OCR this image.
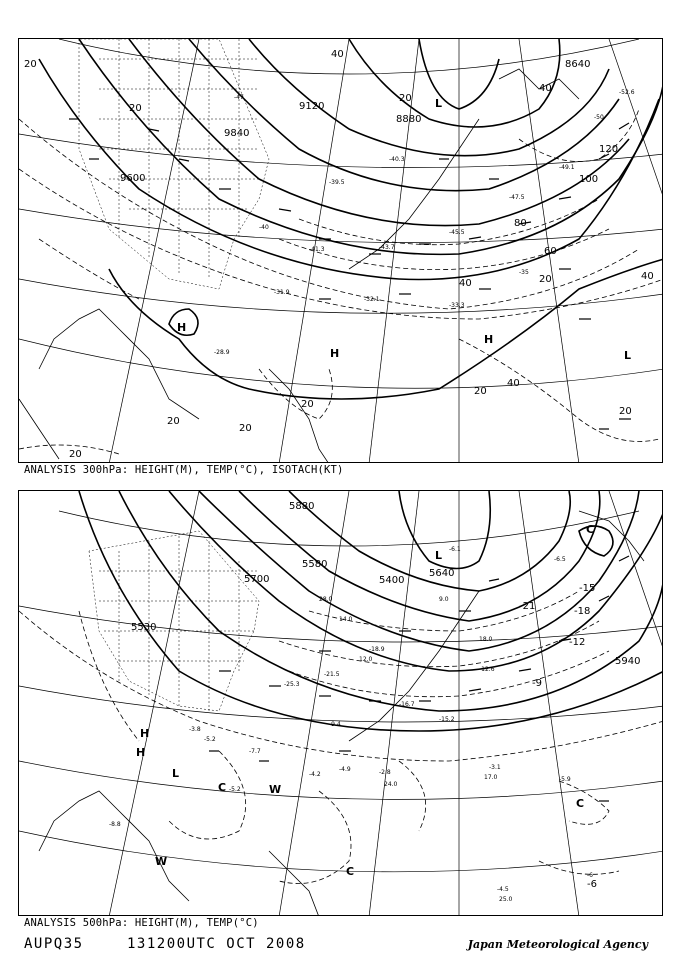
9600
9840
9120
8880
8640
20
20
20
20
20
20
20
20
20
20
40
40
40
40
40
60
80
100
120
-40
-41.3	-43.7
-45.5
-47.5
-49.1
-50
-52.6
-31.9
-32.1
-33.3
-35
-28.9
-39.5
-40.3
-47
H
H
H
L
L
ANALYSIS 300hPa: HEIGHT(M), TEMP(°C), ISOTACH(KT)
5880
5700	5400
5640
5580
5530
5940
-21	-18
-15
-12
-9
-6
-25.3
-21.5
-18.9
-16.7
-15.2
-12.6
-9.4
-7.7
-5.2
-4.9	-3.1
-2.8
-6.5
-6.1
-8.8
-4.5
-5.9
-3.8
-5.2
-4.2
-6
14.0
12.0
17.0
25.0
24.0
9.0
18.0
28.0
H
H
L
C	W
W
C
C
L
C
ANALYSIS 500hPa: HEIGHT(M), TEMP(°C)
AUPQ35	131200UTC OCT 2008	Japan Meteorological Agency
